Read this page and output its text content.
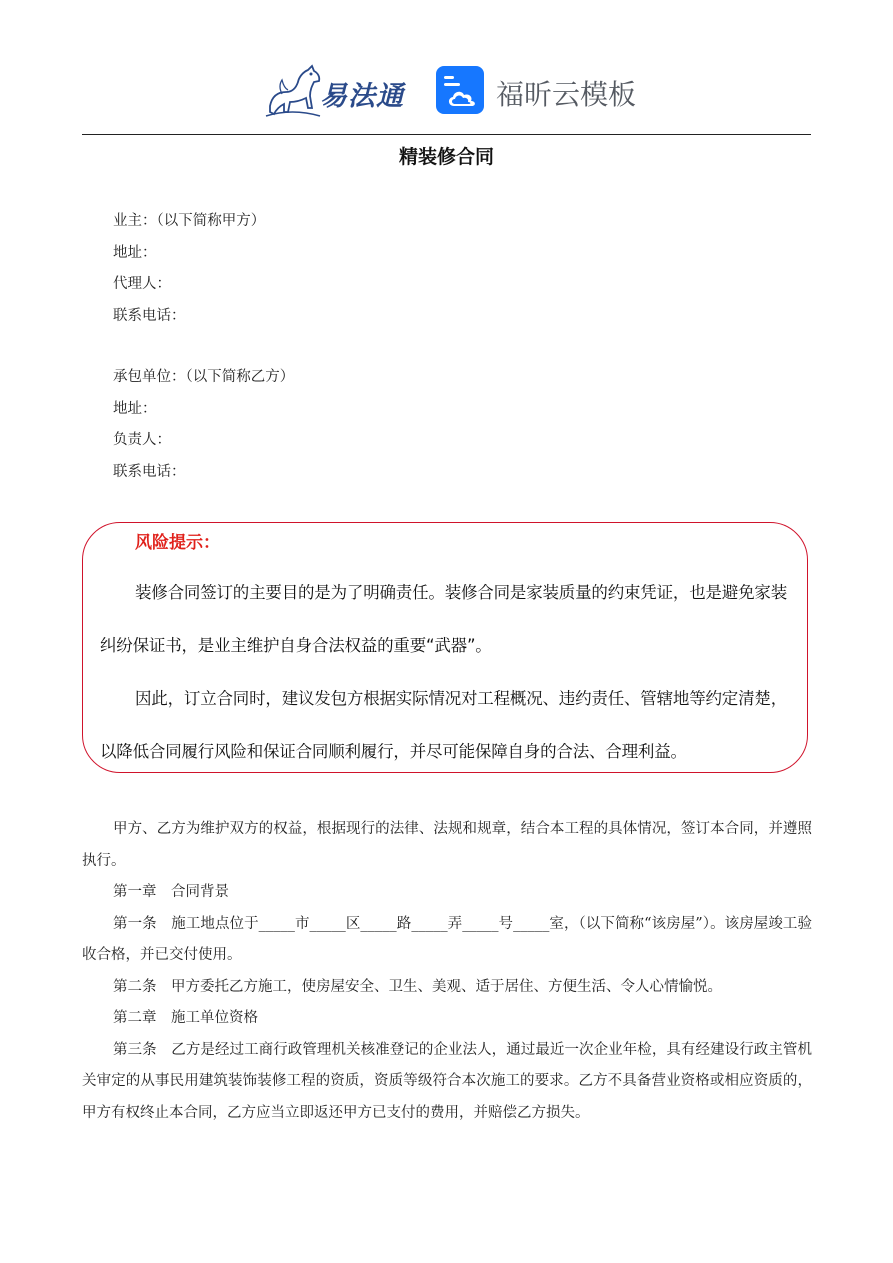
易法通	福昕云模板
精装修合同
业主：（以下简称甲方）
地址：
代理人：
联系电话：
承包单位：（以下简称乙方）
地址：
负责人：
联系电话：
风险提示：
装修合同签订的主要目的是为了明确责任。装修合同是家装质量的约束凭证，也是避免家装纠纷保证书，是业主维护自身合法权益的重要“武器”。
因此，订立合同时，建议发包方根据实际情况对工程概况、违约责任、管辖地等约定清楚，以降低合同履行风险和保证合同顺利履行，并尽可能保障自身的合法、合理利益。

甲方、乙方为维护双方的权益，根据现行的法律、法规和规章，结合本工程的具体情况，签订本合同，并遵照执行。

第一章　合同背景

第一条　施工地点位于_____市_____区_____路_____弄_____号_____室，（以下简称“该房屋”）。该房屋竣工验收合格，并已交付使用。

第二条　甲方委托乙方施工，使房屋安全、卫生、美观、适于居住、方便生活、令人心情愉悦。

第二章　施工单位资格

第三条　乙方是经过工商行政管理机关核准登记的企业法人，通过最近一次企业年检，具有经建设行政主管机关审定的从事民用建筑装饰装修工程的资质，资质等级符合本次施工的要求。乙方不具备营业资格或相应资质的，甲方有权终止本合同，乙方应当立即返还甲方已支付的费用，并赔偿乙方损失。
